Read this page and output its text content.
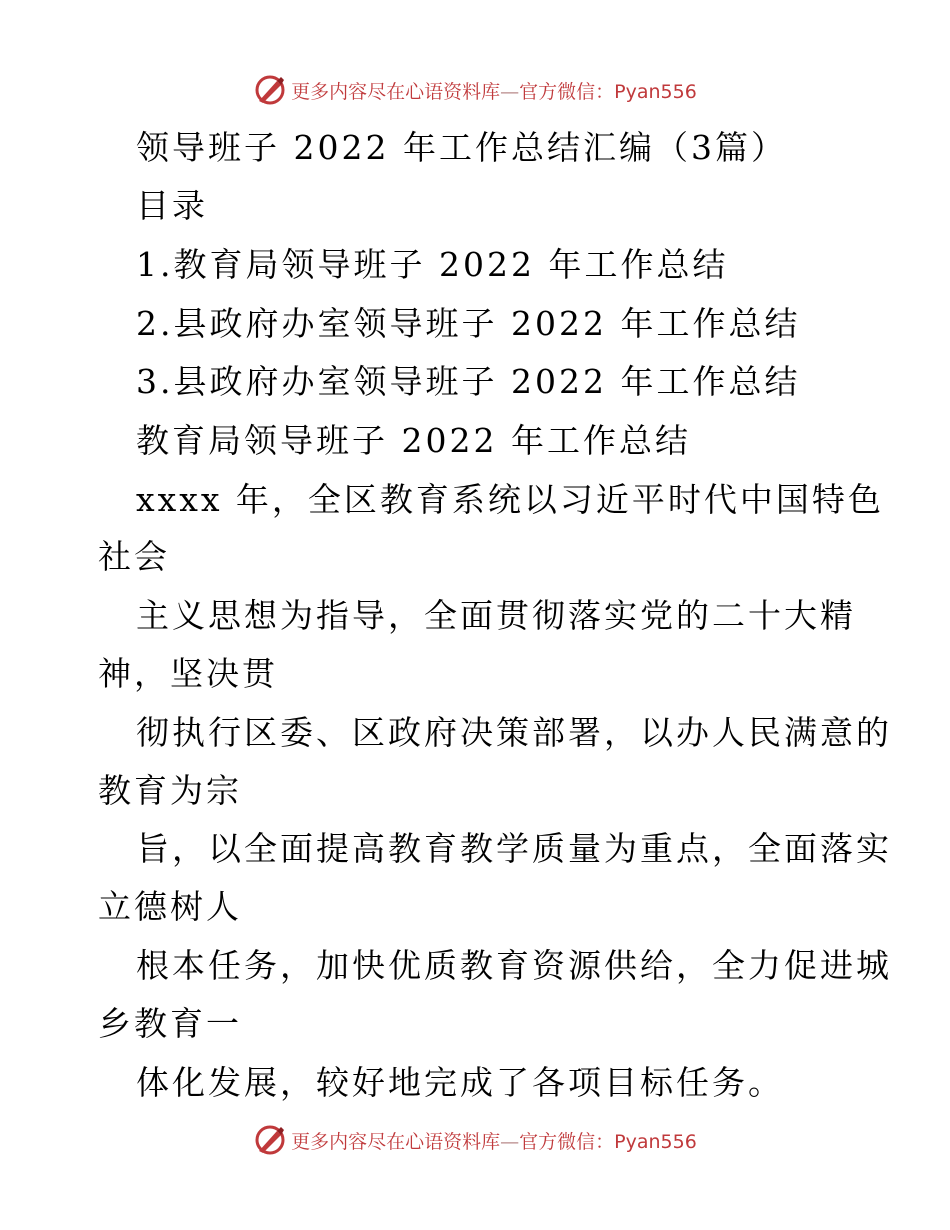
更多内容尽在心语资料库—官方微信：Pyan556
领导班子 2022 年工作总结汇编（3篇）
目录
1.教育局领导班子 2022 年工作总结
2.县政府办室领导班子 2022 年工作总结
3.县政府办室领导班子 2022 年工作总结
教育局领导班子 2022 年工作总结
xxxx 年，全区教育系统以习近平时代中国特色
社会
主义思想为指导，全面贯彻落实党的二十大精
神，坚决贯
彻执行区委、区政府决策部署，以办人民满意的
教育为宗
旨，以全面提高教育教学质量为重点，全面落实
立德树人
根本任务，加快优质教育资源供给，全力促进城
乡教育一
体化发展，较好地完成了各项目标任务。
更多内容尽在心语资料库—官方微信：Pyan556
